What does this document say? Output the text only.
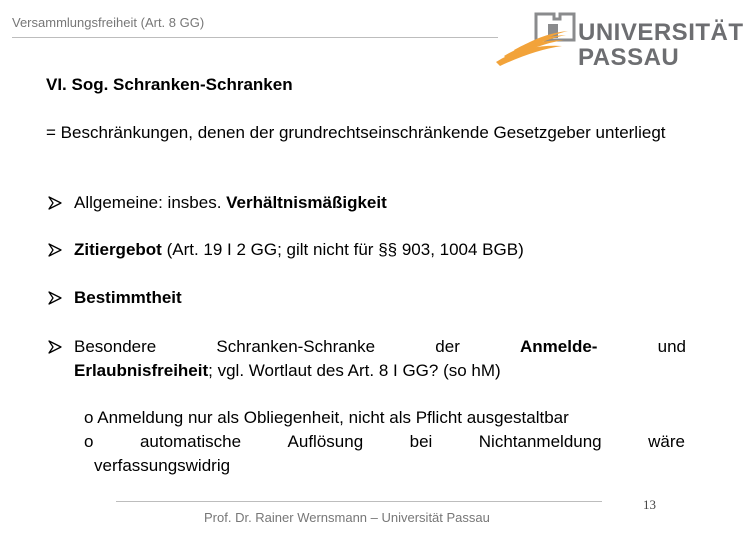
Versammlungsfreiheit (Art. 8 GG)	UNIVERSITÄT
PASSAU
VI. Sog. Schranken-Schranken
= Beschränkungen, denen der grundrechtseinschränkende Gesetzgeber unterliegt
Allgemeine: insbes. Verhältnismäßigkeit
Zitiergebot (Art. 19 I 2 GG; gilt nicht für §§ 903, 1004 BGB)
Bestimmtheit
Besondere	Schranken-Schranke	der	Anmelde-	und
Erlaubnisfreiheit; vgl. Wortlaut des Art. 8 I GG? (so hM)
o Anmeldung nur als Obliegenheit, nicht als Pflicht ausgestaltbar
o	automatische	Auflösung	bei	Nichtanmeldung	wäre
verfassungswidrig
Prof. Dr. Rainer Wernsmann – Universität Passau
13
